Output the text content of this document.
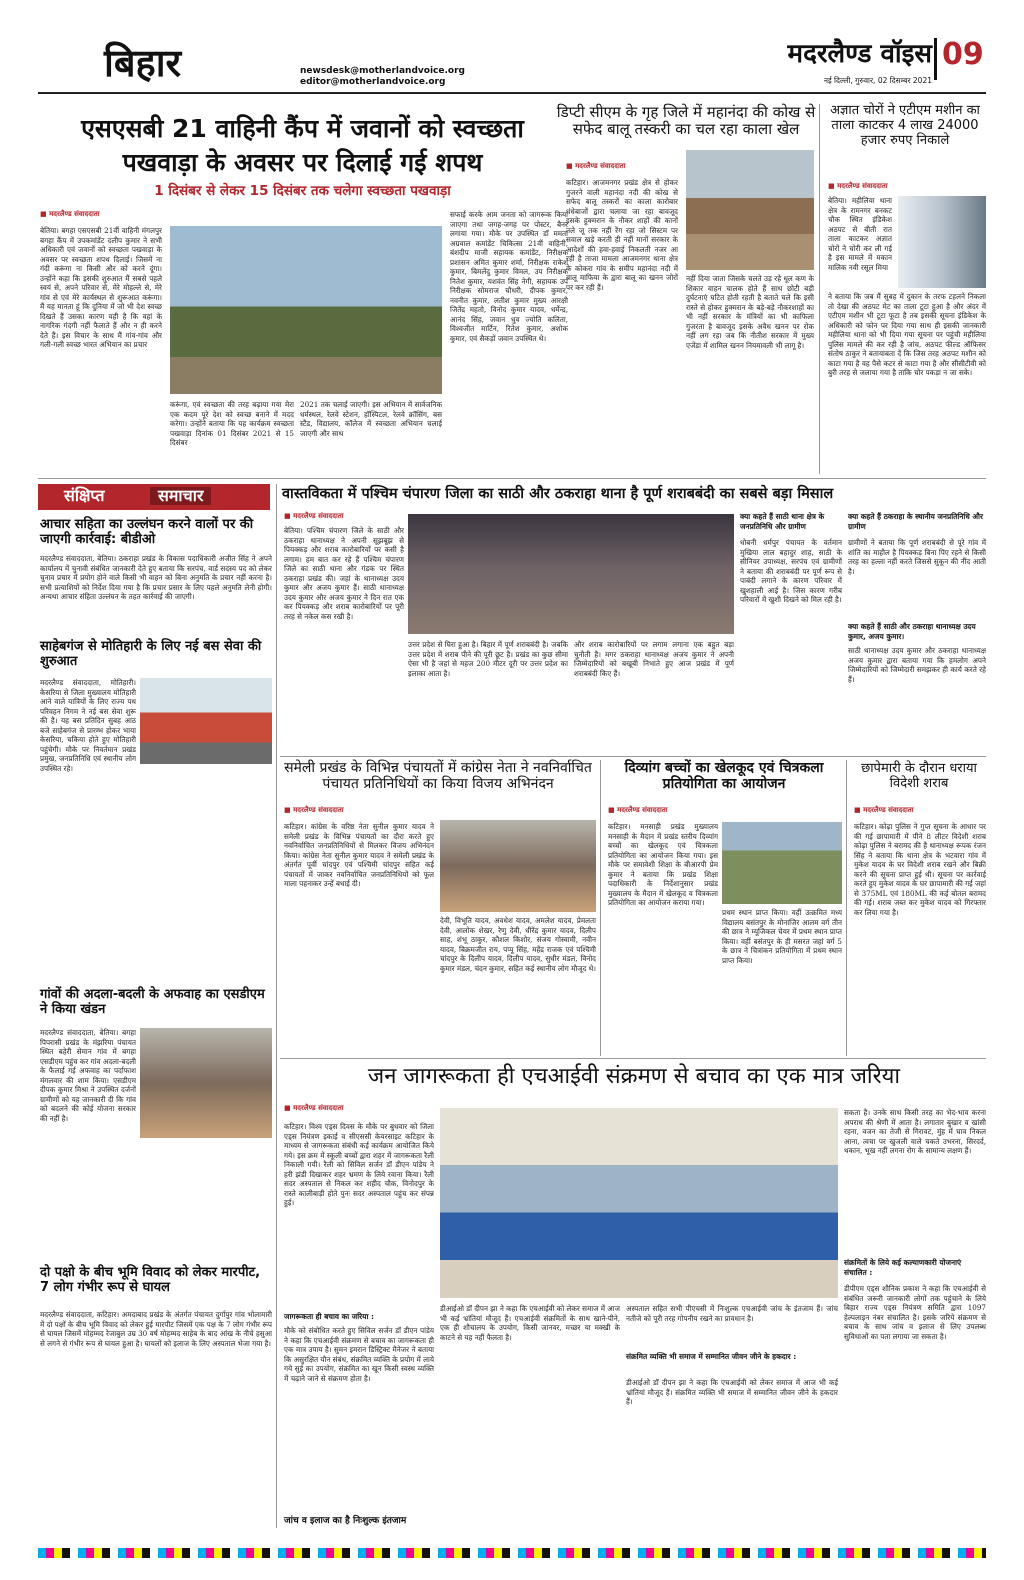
बिहार	newsdesk@motherlandvoice.org
editor@motherlandvoice.org
मदरलैण्ड वॉइस 09
नई दिल्ली, गुरुवार, 02 दिसम्बर 2021
एसएसबी 21 वाहिनी कैंप में जवानों को स्वच्छता पखवाड़ा के अवसर पर दिलाई गई शपथ
1 दिसंबर से लेकर 15 दिसंबर तक चलेगा स्वच्छता पखवाड़ा
■ मदरलैण्ड संवाददाता
बेतिया। बगहा एसएसबी 21वीं वाहिनी मंगलपुर बगहा कैंप में उपकमांडेंट दलीप कुमार ने सभी अधिकारी एवं जवानों को स्वच्छता पखवाड़ा के अवसर पर स्वच्छता शपथ दिलाई। जिसमें ना गंदी करूंगा ना किसी और को करने दूंगा। उन्होंने कहा कि इसकी शुरुआत मैं सबसे पहले स्वयं से, अपने परिवार से, मेरे मोहल्ले से, मेरे गांव से एवं मेरे कार्यस्थल से शुरूआत करूंगा। मैं यह मानता हूं कि दुनिया में जो भी देश स्वच्छ दिखते हैं उसका कारण यही है कि वहां के नागरिक गंदगी नहीं फैलाते हैं और न ही करने देते हैं। इस विचार के साथ मैं गांव-गांव और गली-गली स्वच्छ भारत अभियान का प्रचार
करूंगा, एवं स्वच्छता की तरह बढ़ाया गया मेरा एक कदम पूरे देश को स्वच्छ बनाने में मदद करेगा। उन्होंने बताया कि यह कार्यक्रम स्वच्छता पखवाड़ा दिनांक 01 दिसंबर 2021 से 15 दिसंबर
2021 तक चलाई जाएगी। इस अभियान में सार्वजनिक धर्मस्थल, रेलवे स्टेशन, हॉस्पिटल, रेलवे क्रॉसिंग, बस स्टैंड, विद्यालय, कॉलेज में स्वच्छता अभियान चलाई जाएगी और साथ
सफाई करके आम जनता को जागरूक किया जाएगा तथा जगह-जगह पर पोस्टर, बैनर लगाया गया। मौके पर उपस्थित डॉ ममता अग्रवाल कमांडेंट चिकित्सा 21वीं वाहिनी, बंशदीप माजी सहायक कमांडेंट, निरीक्षक प्रशासन अमित कुमार शर्मा, निरीक्षक राकेश कुमार, बिमलेंदु कुमार विमल, उप निरीक्षक नितेश कुमार, यशवंत सिंह नेगी, सहायक उप निरीक्षक सोमराज चौधरी, दीपक कुमार, नवनीत कुमार, लतीश कुमार मुख्य आरक्षी जितेंद्र महतो, विनोद कुमार यादव, धर्मेन्द्र, आनंद सिंह, जवान धुव ज्योति कलिता, विश्वजीत मार्टिन, रितेश कुमार, अशोक कुमार, एवं सैकड़ों जवान उपस्थित थे।
डिप्टी सीएम के गृह जिले में महानंदा की कोख से सफेद बालू तस्करी का चल रहा काला खेल
■ मदरलैण्ड संवाददाता
कटिहार। आजमनगर प्रखंड क्षेत्र से होकर गुजरने वाली महानंदा नदी की कोख से सफेद बालू तस्करों का काला कारोबार धंधेबाजों द्वारा चलाया जा रहा बावजूद इसके हुक्मरान के नौकर शाहों की कानों तले जू तक नहीं रेंग रहा जो सिस्टम पर सवाल खड़े करती ही नहीं मानों सरकार के आदेशों की हवा-हवाई निकलती नजर आ रही है ताजा मामला आजमनगर थाना क्षेत्र के कोकरा गांव के समीप महानंदा नदी में बालू माफिया के द्वारा बालू का खनन जोरों पर कर रही हैं।
नहीं दिया जाता जिसके चलते उड़ रहे धूल कण के शिकार वाहन चालक होते हैं साथ छोटी बड़ी दुर्घटनाएं घटित होती रहती है बताते चले कि इसी रास्ते से होकर हुक्मरान के बड़े-बड़े नौकरशाहों का भी नहीं सरकार के मंत्रियों का भी काफिला गुजरता है बावजूद इसके अवैध खनन पर रोक नहीं लग रहा जब कि नीतीश सरकार में मुख्य एजेंडा में शामिल खनन नियमावली भी लागू है।
अज्ञात चोरों ने एटीएम मशीन का ताला काटकर 4 लाख 24000 हजार रुपए निकाले
■ मदरलैण्ड संवाददाता
बेतिया। महीलिया थाना क्षेत्र के रामनगर बनकट चौक स्थित इंडिकेश अठपट से बीती रात ताला काटकर अज्ञात चोरों ने चोरी कर ली गई है इस मामले में मकान मालिक नवी रसूल मिया
ने बताया कि जब मैं सुबह में दुकान के तरफ टहलने निकला तो देखा की अठपट मेट का ताला टूटा हुआ है और अंदर में एटीएम मशीन भी टूटा फूटा है तब इसकी सूचना इंडिकेश के अधिकारी को फोन पर दिया गया साथ ही इसकी जानकारी महीलिया थाना को भी दिया गया सूचना पर पहुंची महीलिया पुलिस मामले की कर रही है जांच, अठपट फील्ड ऑफिसर संतोष ठाकुर ने बतायाबता दें कि जिस तरह अठपट मशीन को काटा गया है वह पैसे कटर से काटा गया है और सीसीटीवी को बुरी तरह से जलाया गया है ताकि चोर पकड़ा न जा सके।
संक्षिप्त	समाचार
आचार सहिता का उल्लंघन करने वालों पर की जाएगी कार्रवाई: बीडीओ
मदरलैण्ड संवाददाता, बेतिया। ठकराहा प्रखंड के विकास पदाधिकारी अजीत सिंह ने अपने कार्यालय में चुनावी संबंधित जानकारी देते हुए बताया कि सरपंच, वार्ड सदस्य पद को लेकर चुनाव प्रचार में प्रयोग होने वाले किसी भी वाहन को बिना अनुमति के प्रचार नहीं करना है। सभी प्रत्याशियों को निर्देश दिया गया है कि प्रचार प्रसार के लिए पहले अनुमति लेनी होगी। अन्यथा आचार संहिता उल्लंघन के तहत कार्रवाई की जाएगी।
साहेबगंज से मोतिहारी के लिए नई बस सेवा की शुरुआत
मदरलैण्ड संवाददाता, मोतिहारी। केसरिया से जिला मुख्यालय मोतिहारी आने वाले यात्रियों के लिए राज्य पथ परिवहन निगम ने नई बस सेवा शुरू की है। यह बस प्रतिदिन सुबह आठ बजे साहेबगंज से प्रारम्भ होकर भाया केसरिया, चकिया होते हुए मोतिहारी पहुंचेगी। मौके पर निवर्तमान प्रखंड प्रमुख, जनप्रतिनिधि एवं स्थानीय लोग उपस्थित रहे।
गांवों की अदला-बदली के अफवाह का एसडीएम ने किया खंडन
मदरलैण्ड संवाददाता, बेतिया। बगहा पिपरासी प्रखंड के मंझरिया पंचायत स्थित बहेरी सेमान गांव में बगहा एसडीएम पहुंच कर गांव अदला-बदली के फैलाई गई अफवाह का पर्दाफाश मंगलवार की शाम किया। एसडीएम दीपक कुमार मिश्रा ने उपस्थित दर्जनों ग्रामीणों को यह जानकारी दी कि गांव को बदलने की कोई योजना सरकार की नहीं है।
दो पक्षो के बीच भूमि विवाद को लेकर मारपीट, 7 लोग गंभीर रूप से घायल
मदरलैण्ड संवाददाता, कटिहार। अमदाबाद प्रखंड के अंतर्गत पंचायत दुर्गापुर गांव भोलामारी में दो पक्षों के बीच भूमि विवाद को लेकर हुई मारपीट जिसमें एक पक्ष के 7 लोग गंभीर रूप से घायल जिसमें मोहम्मद रेजाबुल उम्र 30 वर्ष मोहम्मद साहेब के बाद आंख के नीचे हसुआ से लगने से गंभीर रूप से घायल हुआ है। घायलों को इलाज के लिए अस्पताल भेजा गया है।
वास्तविकता में पश्चिम चंपारण जिला का साठी और ठकराहा थाना है पूर्ण शराबबंदी का सबसे बड़ा मिसाल
■ मदरलैण्ड संवाददाता
बेतिया। पश्चिम चंपारण जिले के साठी और ठकराहा थानाध्यक्ष ने अपनी सूझबूझ से पियक्कड़ और शराब कारोबारियों पर कसी है लगाम। हम बात कर रहे हैं पश्चिम चंपारण जिले का साठी थाना और गंडक पर स्थित ठकराहा प्रखंड की। जहां के थानाध्यक्ष उदय कुमार और अजय कुमार हैं। साठी थानाध्यक्ष उदय कुमार और अजय कुमार ने दिन रात एक कर पियक्कड़ और शराब कारोबारियों पर पूरी तरह से नकेल कस रखी है।
उत्तर प्रदेश से घिरा हुआ है। बिहार में पूर्ण शराबबंदी है। जबकि उत्तर प्रदेश में शराब पीने की पूरी छूट है। प्रखंड का कुछ सीमा ऐसा भी है जहां से महज 200 मीटर दूरी पर उत्तर प्रदेश का इलाका आता है।
और शराब कारोबारियों पर लगाम लगाना एक बहुत बड़ा चुनौती है। मगर ठकराहा थानाध्यक्ष अजय कुमार ने अपनी जिम्मेदारियों को बखूबी निभाते हुए आज प्रखंड में पूर्ण शराबबंदी किए हैं।
क्या कहते हैं साठी थाना क्षेत्र के जनप्रतिनिधि और ग्रामीण
धोबनी धर्मपुर पंचायत के वर्तमान मुखिया लाल बहादुर शाह, साठी के सीनियर उपाध्यक्ष, सरपंच एवं ग्रामीणों ने बताया की शराबबंदी पर पूर्ण रूप से पाबंदी लगाने के कारण परिवार में खुशहाली आई है। जिस कारण गरीब परिवारों में खुशी दिखने को मिल रही है।
क्या कहते हैं ठकराहा के स्थानीय जनप्रतिनिधि और ग्रामीण
ग्रामीणों ने बताया कि पूर्ण शराबबंदी से पूरे गांव में शांति का माहौल है पियक्कड़ बिना पिए रहने से किसी तरह का हल्ला नहीं करते जिससे सुकून की नींद आती है।
क्या कहते हैं साठी और ठकराहा थानाध्यक्ष उदय कुमार, अजय कुमार।
साठी थानाध्यक्ष उदय कुमार और ठकराहा थानाध्यक्ष अजय कुमार द्वारा बताया गया कि हमलोग अपने जिम्मेदारियों को जिम्मेदारी समझकर ही कार्य करते रहे हैं।
समेली प्रखंड के विभिन्न पंचायतों में कांग्रेस नेता ने नवनिर्वाचित पंचायत प्रतिनिधियों का किया विजय अभिनंदन
■ मदरलैण्ड संवाददाता
कटिहार। कांग्रेस के वरिष्ठ नेता सुनील कुमार यादव ने समेली प्रखंड के विभिन्न पंचायतों का दौरा करते हुए नवनिर्वाचित जनप्रतिनिधियों से मिलकर विजय अभिनंदन किया। कांग्रेस नेता सुनील कुमार यादव ने समेली प्रखंड के अंतर्गत पूर्वी चांदपुर एवं पश्चिमी चांदपुर सहित कई पंचायतों में जाकर नवनिर्वाचित जनप्रतिनिधियों को फूल माला पहनाकर उन्हें बधाई दी।
देवी, विभूति यादव, अवधेश यादव, अमलेश यादव, प्रेमलता देवी, आलोक शेखर, रेणु देवी, धीरेंद्र कुमार यादव, दिलीप साह, शंभू ठाकुर, कौशल किशोर, संजय गोस्वामी, नवीन यादव, बिक्रमजीत राय, पप्पू सिंह, महेंद्र राजक एवं पश्चिमी चांदपुर के दिलीप यादव, दिलीप यादव, सुधीर मंडल, विनोद कुमार मंडल, चंदन कुमार, सहित कई स्थानीय लोग मौजूद थे।
दिव्यांग बच्चों का खेलकूद एवं चित्रकला प्रतियोगिता का आयोजन
■ मदरलैण्ड संवाददाता
कटिहार। मनसाही प्रखंड मुख्यालय मनसाही के मैदान में प्रखंड स्तरीय दिव्यांग बच्चों का खेलकूद एवं चित्रकला प्रतियोगिता का आयोजन किया गया। इस मौके पर समावेशी शिक्षा के बीआरपी प्रेम कुमार ने बताया कि प्रखंड शिक्षा पदाधिकारी के निर्देशानुसार प्रखंड मुख्यालय के मैदान में खेलकूद व चित्रकला प्रतियोगिता का आयोजन कराया गया।
प्रथम स्थान प्राप्त किया। वहीं उत्क्रमित मध्य विद्यालय बसंतपुर के मोनाजिर आलम वर्ग तीन की छात्र ने म्यूजिकल चेयर में प्रथम स्थान प्राप्त किया। वहीं बसंतपुर के ही मसरत जहां वर्ग 5 के छात्र ने चित्रांकन प्रतियोगिता में प्रथम स्थान प्राप्त किया।
छापेमारी के दौरान धराया विदेशी शराब
■ मदरलैण्ड संवाददाता
कटिहार। कोढ़ा पुलिस ने गुप्त सूचना के आधार पर की गई छापामारी में पीने 8 लीटर विदेशी शराब कोढ़ा पुलिस ने बरामद की है थानाध्यक्ष रूपक रंजन सिंह ने बताया कि थाना क्षेत्र के भटवारा गांव में मुकेश यादव के घर विदेशी शराब रखने और बिक्री करने की सूचना प्राप्त हुई थी। सूचना पर कार्रवाई करते हुए मुकेश यादव के घर छापामारी की गई जहां से 375ML एवं 180ML की कई बोतल बरामद की गई। शराब जब्त कर मुकेश यादव को गिरफ्तार कर लिया गया है।
जन जागरूकता ही एचआईवी संक्रमण से बचाव का एक मात्र जरिया
■ मदरलैण्ड संवाददाता
कटिहार। विश्व एड्स दिवस के मौके पर बुधवार को जिला एड्स नियंत्रण इकाई व सीएससी केयरसाइट कटिहार के माध्यम से जागरूकता संबंधी कई कार्यक्रम आयोजित किये गये। इस क्रम में स्कूली बच्चों द्वारा शहर में जागरूकता रैली निकाली गयी। रैली को सिविल सर्जन डॉ डीएन पांडेय ने हरी झंडी दिखाकर शहर भ्रमण के लिये रवाना किया। रैली सदर अस्पताल से निकल कर शहीद चौक, विनोदपुर के रास्ते कालीबाड़ी होते पुनः सदर अस्पताल पहुंच कर संपन्न हुई।
जागरूकता ही बचाव का जरिया :
मौके को संबोधित करते हुए सिविल सर्जन डॉ डीएन पांडेय ने कहा कि एचआईवी संक्रमण से बचाव का जागरूकता ही एक मात्र उपाय है। सुमन इमरान डिस्ट्रिक्ट मैनेजर ने बताया कि असुरक्षित यौन संबंध, संक्रमित व्यक्ति के प्रयोग में लाये गये सुई का उपयोग, संक्रमित का खून किसी स्वस्थ व्यक्ति में चढ़ाने जाने से संक्रमण होता है।
डीआईओ डॉ दीपन झा ने कहा कि एचआईवी को लेकर समाज में आज भी कई भ्रांतियां मौजूद हैं। एचआईवी संक्रमितों के साथ खाने-पीने, एक ही शौचालय के उपयोग, किसी जानवर, मच्छर या मक्खी के काटने से यह नहीं फैलता है।
अस्पताल सहित सभी पीएचसी में निःशुल्क एचआईवी जांच के इंतजाम हैं। जांच नतीजे को पूरी तरह गोपनीय रखने का प्रावधान है।
संक्रमित व्यक्ति भी समाज में सम्मानित जीवन जीने के हकदार :
डीआईओ डॉ दीपन झा ने कहा कि एचआईवी को लेकर समाज में आज भी कई भ्रांतियां मौजूद हैं। संक्रमित व्यक्ति भी समाज में सम्मानित जीवन जीने के हकदार हैं।
सकता है। उनके साथ किसी तरह का भेद-भाव करना अपराध की श्रेणी में आता है। लगातार बुखार व खांसी रहना, वजन का तेजी से गिरावट, मुंह में घाव निकल आना, त्वचा पर खुजली वाले चकते उभरना, सिरदर्द, थकान, भूख नहीं लगना रोग के सामान्य लक्षण हैं।
संक्रमितों के लिये कई कल्याणकारी योजनाएं संचालित :
डीपीएम एड्स शौनिक प्रकाश ने कहा कि एचआईवी से संबंधित जरूरी जानकारी लोगों तक पहुंचाने के लिये बिहार राज्य एड्स नियंत्रण समिति द्वारा 1097 हेल्पलाइन नंबर संचालित है। इसके जरिये संक्रमण से बचाव के साथ जांच व इलाज से लिए उपलब्ध सुविधाओं का पता लगाया जा सकता है।
जांच व इलाज का है निःशुल्क इंतजाम
